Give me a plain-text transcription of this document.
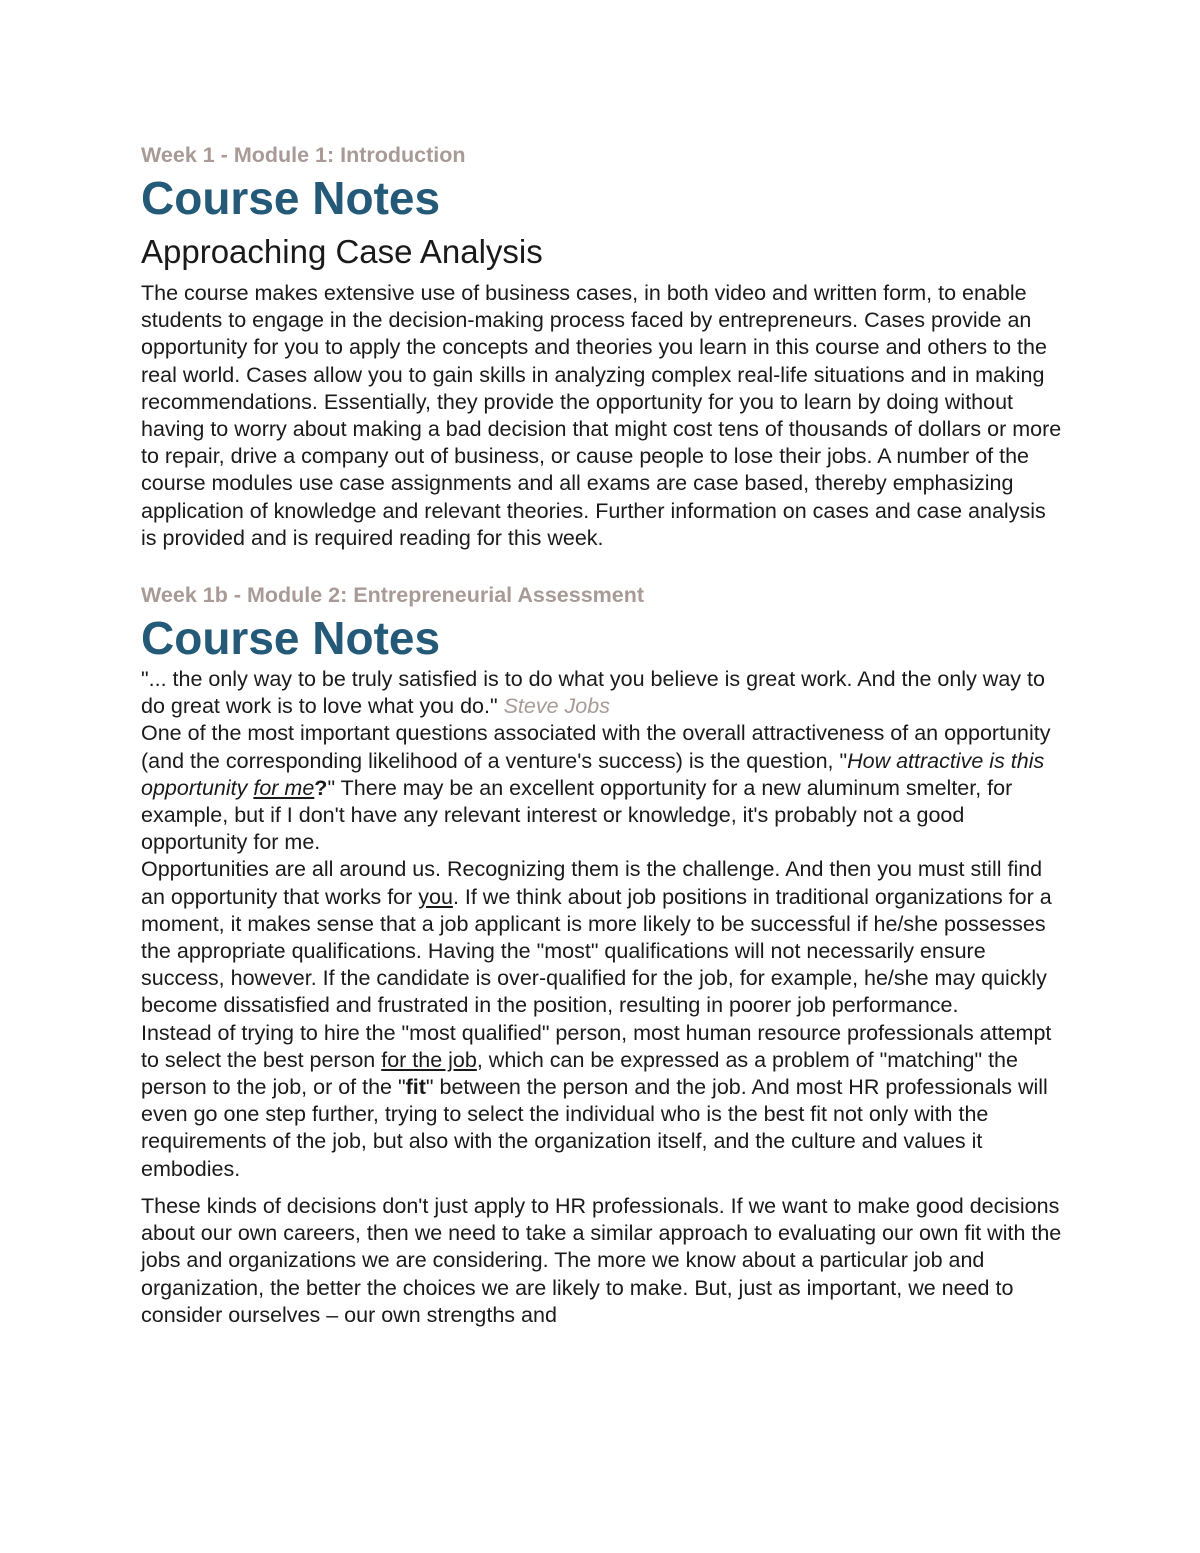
Week 1 - Module 1: Introduction
Course Notes
Approaching Case Analysis

The course makes extensive use of business cases, in both video and written form, to enable students to engage in the decision-making process faced by entrepreneurs. Cases provide an opportunity for you to apply the concepts and theories you learn in this course and others to the real world. Cases allow you to gain skills in analyzing complex real-life situations and in making recommendations. Essentially, they provide the opportunity for you to learn by doing without having to worry about making a bad decision that might cost tens of thousands of dollars or more to repair, drive a company out of business, or cause people to lose their jobs. A number of the course modules use case assignments and all exams are case based, thereby emphasizing application of knowledge and relevant theories. Further information on cases and case analysis is provided and is required reading for this week.

Week 1b - Module 2: Entrepreneurial Assessment
Course Notes

"... the only way to be truly satisfied is to do what you believe is great work. And the only way to do great work is to love what you do." Steve Jobs

One of the most important questions associated with the overall attractiveness of an opportunity (and the corresponding likelihood of a venture's success) is the question, "How attractive is this opportunity for me?" There may be an excellent opportunity for a new aluminum smelter, for example, but if I don't have any relevant interest or knowledge, it's probably not a good opportunity for me.

Opportunities are all around us. Recognizing them is the challenge. And then you must still find an opportunity that works for you. If we think about job positions in traditional organizations for a moment, it makes sense that a job applicant is more likely to be successful if he/she possesses the appropriate qualifications. Having the "most" qualifications will not necessarily ensure success, however. If the candidate is over-qualified for the job, for example, he/she may quickly become dissatisfied and frustrated in the position, resulting in poorer job performance.

Instead of trying to hire the "most qualified" person, most human resource professionals attempt to select the best person for the job, which can be expressed as a problem of "matching" the person to the job, or of the "fit" between the person and the job. And most HR professionals will even go one step further, trying to select the individual who is the best fit not only with the requirements of the job, but also with the organization itself, and the culture and values it embodies.

These kinds of decisions don't just apply to HR professionals. If we want to make good decisions about our own careers, then we need to take a similar approach to evaluating our own fit with the jobs and organizations we are considering. The more we know about a particular job and organization, the better the choices we are likely to make. But, just as important, we need to consider ourselves – our own strengths and
